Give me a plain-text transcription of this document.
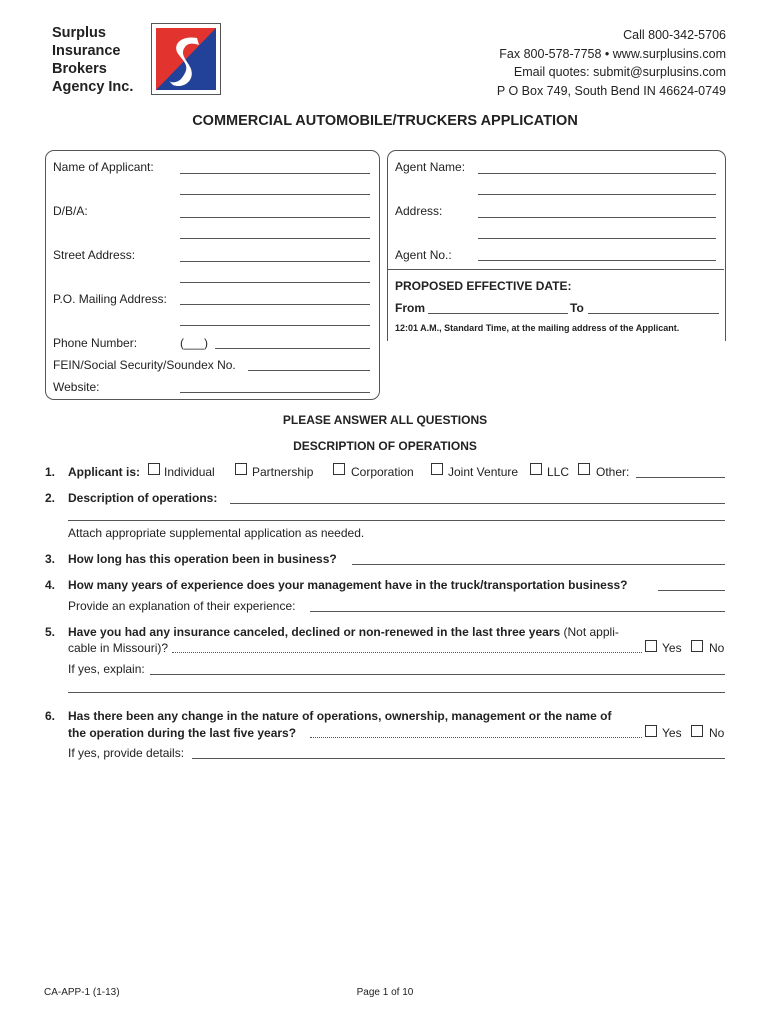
Surplus
Insurance
Brokers
Agency Inc.
Call 800-342-5706
Fax 800-578-7758 • www.surplusins.com
Email quotes: submit@surplusins.com
P O Box 749, South Bend IN 46624-0749
COMMERCIAL AUTOMOBILE/TRUCKERS APPLICATION
Name of Applicant:
D/B/A:
Street Address:
P.O. Mailing Address:
Phone Number:	(___)
FEIN/Social Security/Soundex No.
Website:
Agent Name:
Address:
Agent No.:
PROPOSED EFFECTIVE DATE:
From	To
12:01 A.M., Standard Time, at the mailing address of the Applicant.
PLEASE ANSWER ALL QUESTIONS
DESCRIPTION OF OPERATIONS
1. Applicant is: Individual	Partnership	Corporation	Joint Venture LLC Other:
2. Description of operations:
Attach appropriate supplemental application as needed.
3. How long has this operation been in business?
4. How many years of experience does your management have in the truck/transportation business?
Provide an explanation of their experience:
5. Have you had any insurance canceled, declined or non-renewed in the last three years (Not appli-
cable in Missouri)?	Yes No
If yes, explain:
6. Has there been any change in the nature of operations, ownership, management or the name of
the operation during the last five years?	Yes No
If yes, provide details:
CA-APP-1 (1-13)	Page 1 of 10
